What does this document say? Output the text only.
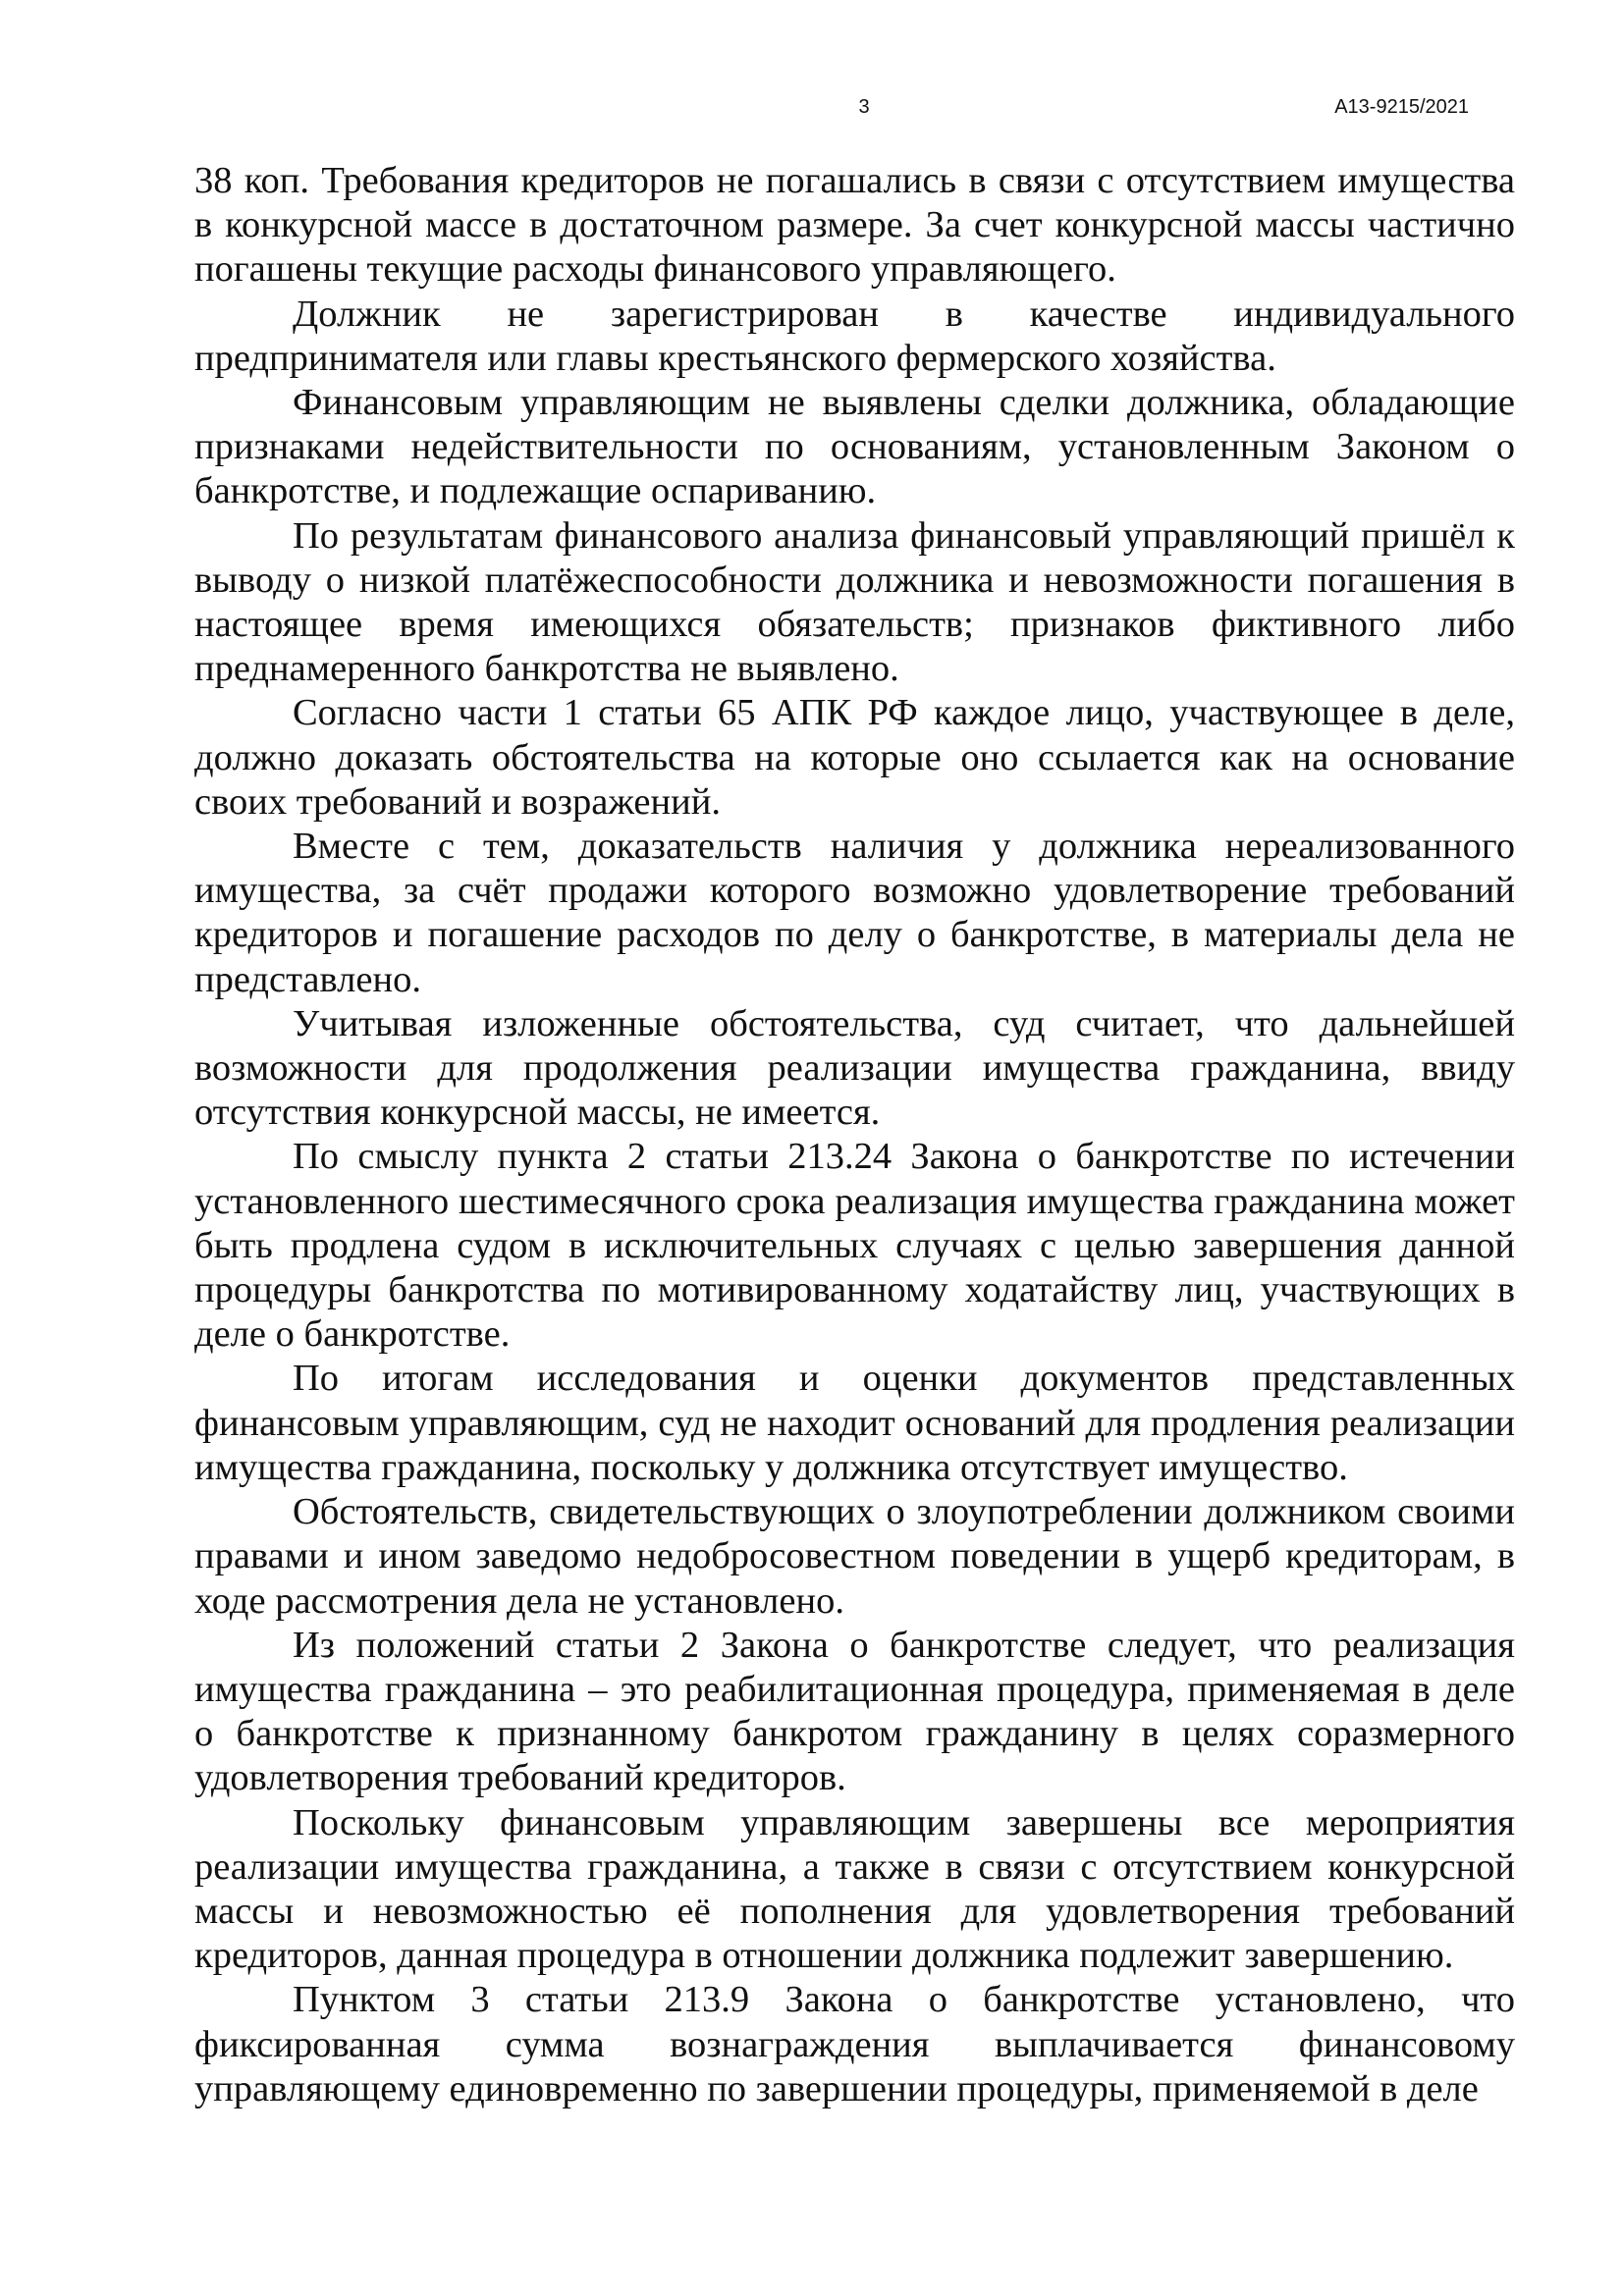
3	А13-9215/2021

38 коп. Требования кредиторов не погашались в связи с отсутствием имущества в конкурсной массе в достаточном размере. За счет конкурсной массы частично погашены текущие расходы финансового управляющего.

Должник не зарегистрирован в качестве индивидуального предпринимателя или главы крестьянского фермерского хозяйства.

Финансовым управляющим не выявлены сделки должника, обладающие признаками недействительности по основаниям, установленным Законом о банкротстве, и подлежащие оспариванию.

По результатам финансового анализа финансовый управляющий пришёл к выводу о низкой платёжеспособности должника и невозможности погашения в настоящее время имеющихся обязательств; признаков фиктивного либо преднамеренного банкротства не выявлено.

Согласно части 1 статьи 65 АПК РФ каждое лицо, участвующее в деле, должно доказать обстоятельства на которые оно ссылается как на основание своих требований и возражений.

Вместе с тем, доказательств наличия у должника нереализованного имущества, за счёт продажи которого возможно удовлетворение требований кредиторов и погашение расходов по делу о банкротстве, в материалы дела не представлено.

Учитывая изложенные обстоятельства, суд считает, что дальнейшей возможности для продолжения реализации имущества гражданина, ввиду отсутствия конкурсной массы, не имеется.

По смыслу пункта 2 статьи 213.24 Закона о банкротстве по истечении установленного шестимесячного срока реализация имущества гражданина может быть продлена судом в исключительных случаях с целью завершения данной процедуры банкротства по мотивированному ходатайству лиц, участвующих в деле о банкротстве.

По итогам исследования и оценки документов представленных финансовым управляющим, суд не находит оснований для продления реализации имущества гражданина, поскольку у должника отсутствует имущество.

Обстоятельств, свидетельствующих о злоупотреблении должником своими правами и ином заведомо недобросовестном поведении в ущерб кредиторам, в ходе рассмотрения дела не установлено.

Из положений статьи 2 Закона о банкротстве следует, что реализация имущества гражданина – это реабилитационная процедура, применяемая в деле о банкротстве к признанному банкротом гражданину в целях соразмерного удовлетворения требований кредиторов.

Поскольку финансовым управляющим завершены все мероприятия реализации имущества гражданина, а также в связи с отсутствием конкурсной массы и невозможностью её пополнения для удовлетворения требований кредиторов, данная процедура в отношении должника подлежит завершению.

Пунктом 3 статьи 213.9 Закона о банкротстве установлено, что фиксированная сумма вознаграждения выплачивается финансовому управляющему единовременно по завершении процедуры, применяемой в деле
